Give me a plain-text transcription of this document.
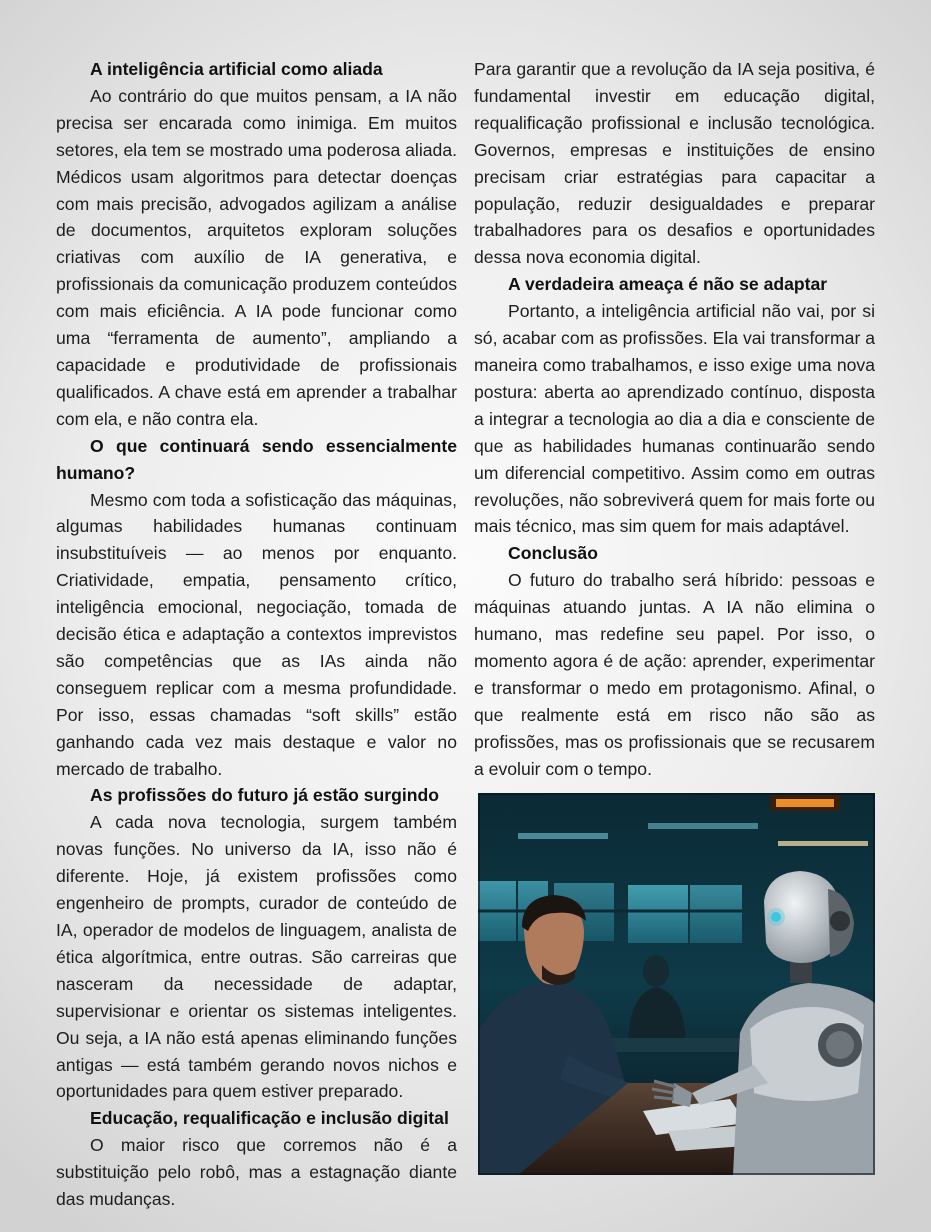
A inteligência artificial como aliada

Ao contrário do que muitos pensam, a IA não precisa ser encarada como inimiga. Em muitos setores, ela tem se mostrado uma poderosa aliada. Médicos usam algoritmos para detectar doenças com mais precisão, advogados agilizam a análise de documentos, arquitetos exploram soluções criativas com auxílio de IA generativa, e profissionais da comunicação produzem conteúdos com mais eficiência. A IA pode funcionar como uma “ferramenta de aumento”, ampliando a capacidade e produtividade de profissionais qualificados. A chave está em aprender a trabalhar com ela, e não contra ela.

O que continuará sendo essencialmente humano?

Mesmo com toda a sofisticação das máquinas, algumas habilidades humanas continuam insubstituíveis — ao menos por enquanto. Criatividade, empatia, pensamento crítico, inteligência emocional, negociação, tomada de decisão ética e adaptação a contextos imprevistos são competências que as IAs ainda não conseguem replicar com a mesma profundidade. Por isso, essas chamadas “soft skills” estão ganhando cada vez mais destaque e valor no mercado de trabalho.

As profissões do futuro já estão surgindo

A cada nova tecnologia, surgem também novas funções. No universo da IA, isso não é diferente. Hoje, já existem profissões como engenheiro de prompts, curador de conteúdo de IA, operador de modelos de linguagem, analista de ética algorítmica, entre outras. São carreiras que nasceram da necessidade de adaptar, supervisionar e orientar os sistemas inteligentes. Ou seja, a IA não está apenas eliminando funções antigas — está também gerando novos nichos e oportunidades para quem estiver preparado.

Educação, requalificação e inclusão digital

O maior risco que corremos não é a substituição pelo robô, mas a estagnação diante das mudanças.

Para garantir que a revolução da IA seja positiva, é fundamental investir em educação digital, requalificação profissional e inclusão tecnológica. Governos, empresas e instituições de ensino precisam criar estratégias para capacitar a população, reduzir desigualdades e preparar trabalhadores para os desafios e oportunidades dessa nova economia digital.

A verdadeira ameaça é não se adaptar

Portanto, a inteligência artificial não vai, por si só, acabar com as profissões. Ela vai transformar a maneira como trabalhamos, e isso exige uma nova postura: aberta ao aprendizado contínuo, disposta a integrar a tecnologia ao dia a dia e consciente de que as habilidades humanas continuarão sendo um diferencial competitivo. Assim como em outras revoluções, não sobreviverá quem for mais forte ou mais técnico, mas sim quem for mais adaptável.

Conclusão

O futuro do trabalho será híbrido: pessoas e máquinas atuando juntas. A IA não elimina o humano, mas redefine seu papel. Por isso, o momento agora é de ação: aprender, experimentar e transformar o medo em protagonismo. Afinal, o que realmente está em risco não são as profissões, mas os profissionais que se recusarem a evoluir com o tempo.
